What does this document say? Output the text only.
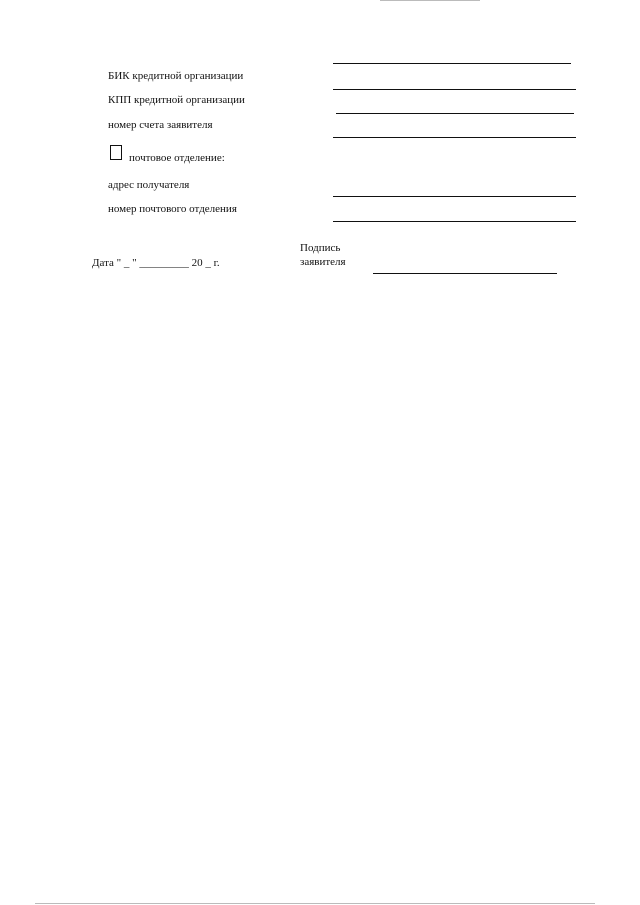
БИК кредитной организации
КПП кредитной организации
номер счета заявителя
почтовое отделение:
адрес получателя
номер почтового отделения
Дата " _ " _________ 20 _ г.
Подпись
заявителя
